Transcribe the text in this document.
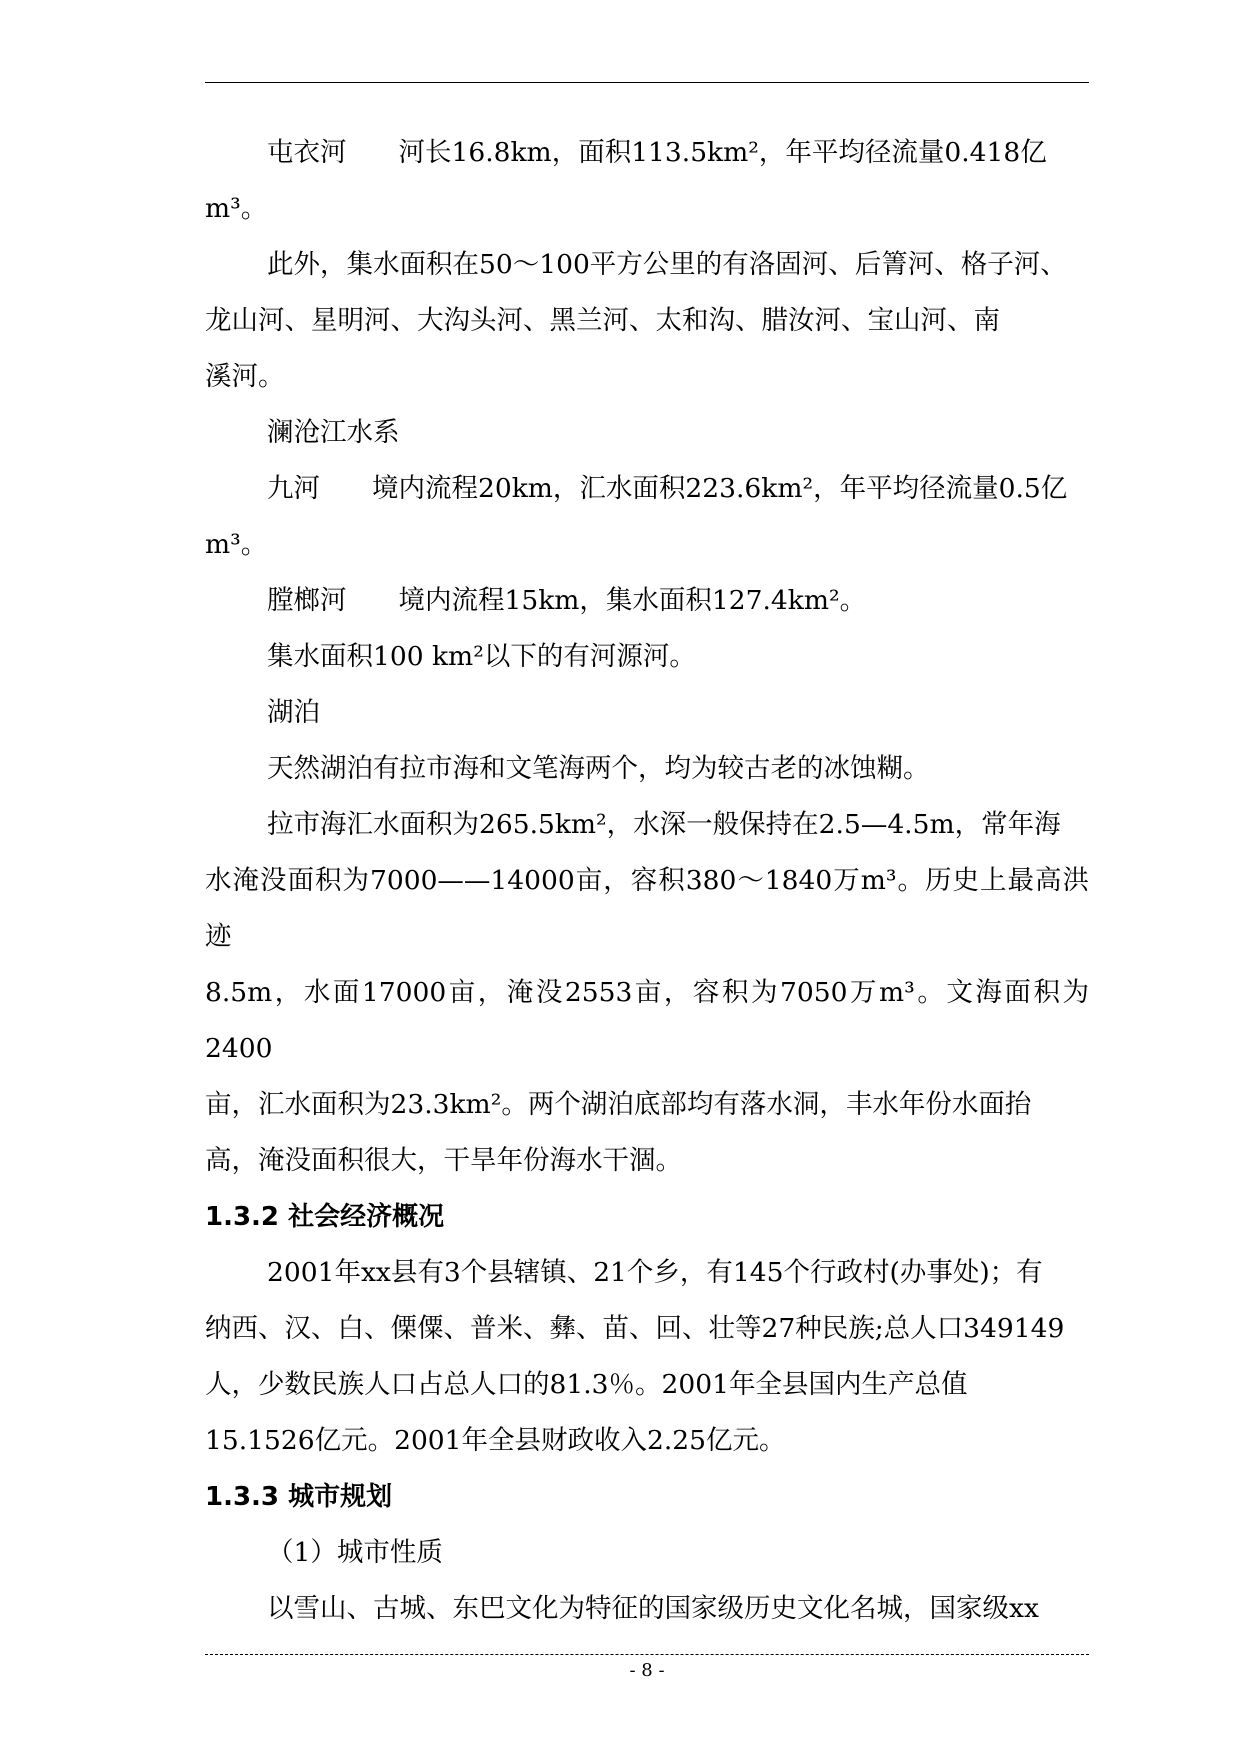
屯衣河 河长16.8km，面积113.5km²，年平均径流量0.418亿

m³。

此外，集水面积在50～100平方公里的有洛固河、后箐河、格子河、

龙山河、星明河、大沟头河、黑兰河、太和沟、腊汝河、宝山河、南

溪河。

澜沧江水系

九河 境内流程20km，汇水面积223.6km²，年平均径流量0.5亿

m³。

膛榔河 境内流程15km，集水面积127.4km²。

集水面积100 km²以下的有河源河。

湖泊

天然湖泊有拉市海和文笔海两个，均为较古老的冰蚀糊。

拉市海汇水面积为265.5km²，水深一般保持在2.5—4.5m，常年海

水淹没面积为7000——14000亩，容积380～1840万m³。历史上最高洪迹

8.5m，水面17000亩，淹没2553亩，容积为7050万m³。文海面积为2400

亩，汇水面积为23.3km²。两个湖泊底部均有落水洞，丰水年份水面抬

高，淹没面积很大，干旱年份海水干涸。

1.3.2 社会经济概况

2001年xx县有3个县辖镇、21个乡，有145个行政村(办事处)；有

纳西、汉、白、傈僳、普米、彝、苗、回、壮等27种民族;总人口349149

人，少数民族人口占总人口的81.3％。2001年全县国内生产总值

15.1526亿元。2001年全县财政收入2.25亿元。

1.3.3 城市规划

（1）城市性质

以雪山、古城、东巴文化为特征的国家级历史文化名城，国家级xx

- 8 -
